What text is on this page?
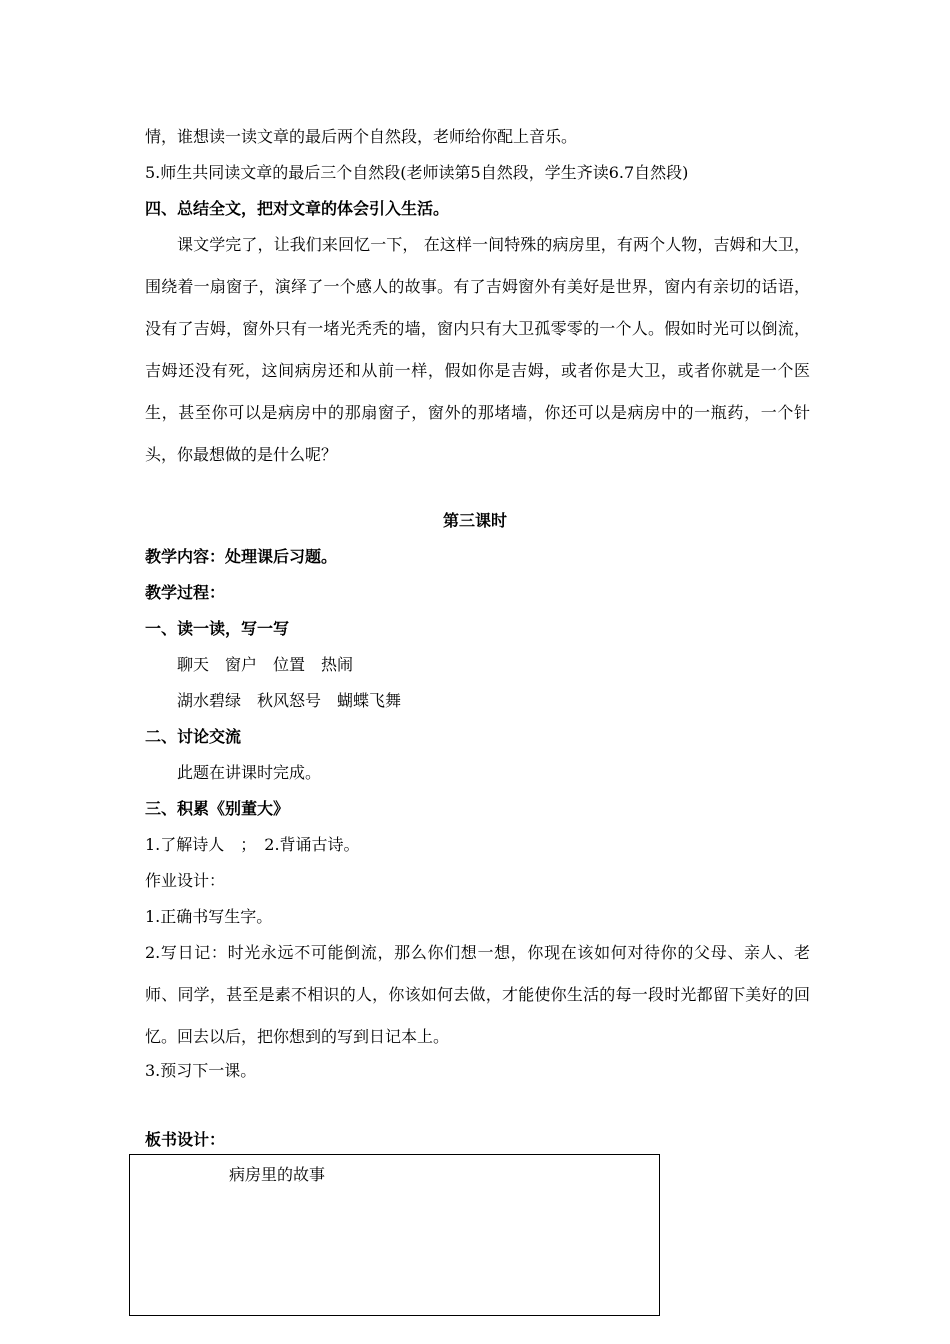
情，谁想读一读文章的最后两个自然段，老师给你配上音乐。
5.师生共同读文章的最后三个自然段(老师读第5自然段，学生齐读6.7自然段)
四、总结全文，把对文章的体会引入生活。
课文学完了，让我们来回忆一下， 在这样一间特殊的病房里，有两个人物，吉姆和大卫，围绕着一扇窗子，演绎了一个感人的故事。有了吉姆窗外有美好是世界，窗内有亲切的话语，没有了吉姆，窗外只有一堵光秃秃的墙，窗内只有大卫孤零零的一个人。假如时光可以倒流，吉姆还没有死，这间病房还和从前一样，假如你是吉姆，或者你是大卫，或者你就是一个医生，甚至你可以是病房中的那扇窗子，窗外的那堵墙，你还可以是病房中的一瓶药，一个针头，你最想做的是什么呢？
第三课时
教学内容：处理课后习题。
教学过程：
一、读一读，写一写
聊天　窗户　位置　热闹
湖水碧绿　秋风怒号　蝴蝶飞舞
二、讨论交流
此题在讲课时完成。
三、积累《别董大》
1.了解诗人　；　2.背诵古诗。
作业设计：
1.正确书写生字。
2.写日记：时光永远不可能倒流，那么你们想一想，你现在该如何对待你的父母、亲人、老师、同学，甚至是素不相识的人，你该如何去做，才能使你生活的每一段时光都留下美好的回忆。回去以后，把你想到的写到日记本上。
3.预习下一课。
板书设计：
病房里的故事
